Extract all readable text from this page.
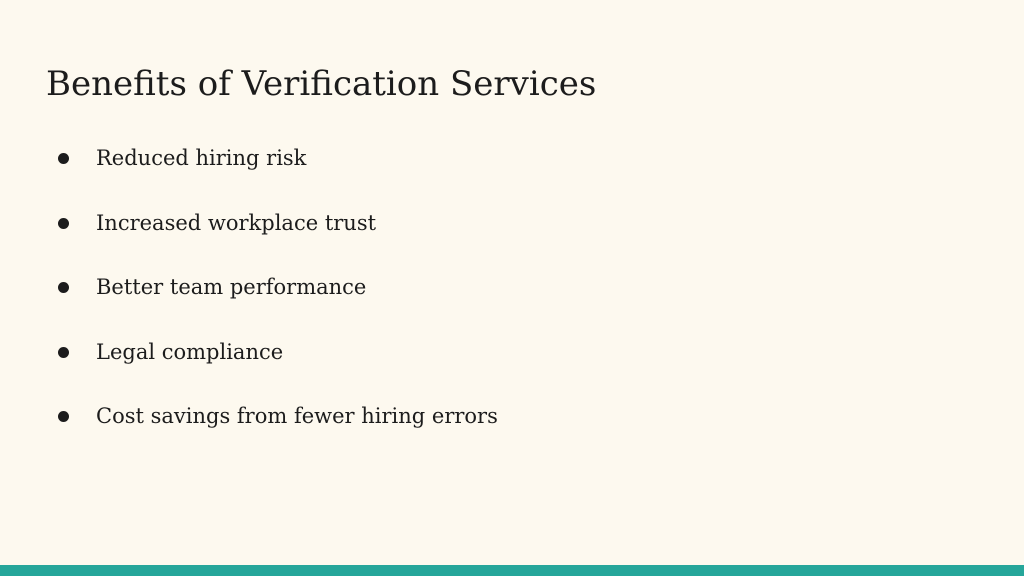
Benefits of Verification Services
Reduced hiring risk
Increased workplace trust
Better team performance
Legal compliance
Cost savings from fewer hiring errors
